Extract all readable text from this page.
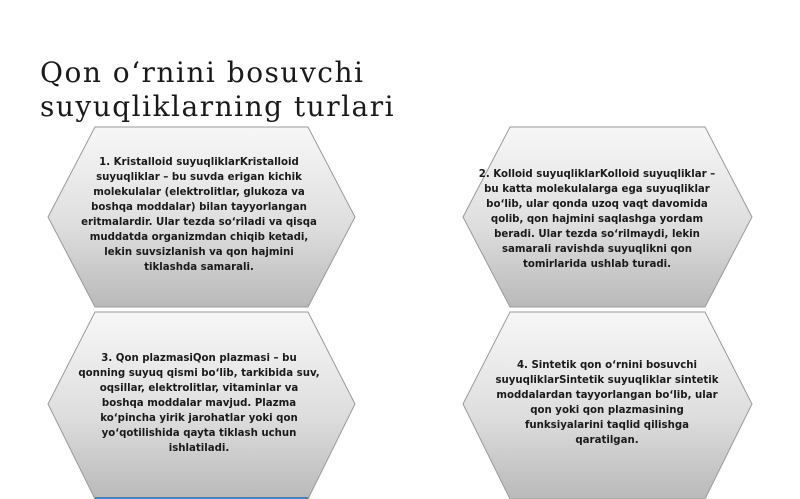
Qon oʻrnini bosuvchi suyuqliklarning turlari
1. Kristalloid suyuqliklarKristalloid suyuqliklar – bu suvda erigan kichik molekulalar (elektrolitlar, glukoza va boshqa moddalar) bilan tayyorlangan eritmalardir. Ular tezda soʻriladi va qisqa muddatda organizmdan chiqib ketadi, lekin suvsizlanish va qon hajmini tiklashda samarali.
2. Kolloid suyuqliklarKolloid suyuqliklar – bu katta molekulalarga ega suyuqliklar boʻlib, ular qonda uzoq vaqt davomida qolib, qon hajmini saqlashga yordam beradi. Ular tezda soʻrilmaydi, lekin samarali ravishda suyuqlikni qon tomirlarida ushlab turadi.
3. Qon plazmasiQon plazmasi – bu qonning suyuq qismi boʻlib, tarkibida suv, oqsillar, elektrolitlar, vitaminlar va boshqa moddalar mavjud. Plazma koʻpincha yirik jarohatlar yoki qon yoʻqotilishida qayta tiklash uchun ishlatiladi.
4. Sintetik qon oʻrnini bosuvchi suyuqliklarSintetik suyuqliklar sintetik moddalardan tayyorlangan boʻlib, ular qon yoki qon plazmasining funksiyalarini taqlid qilishga qaratilgan.
